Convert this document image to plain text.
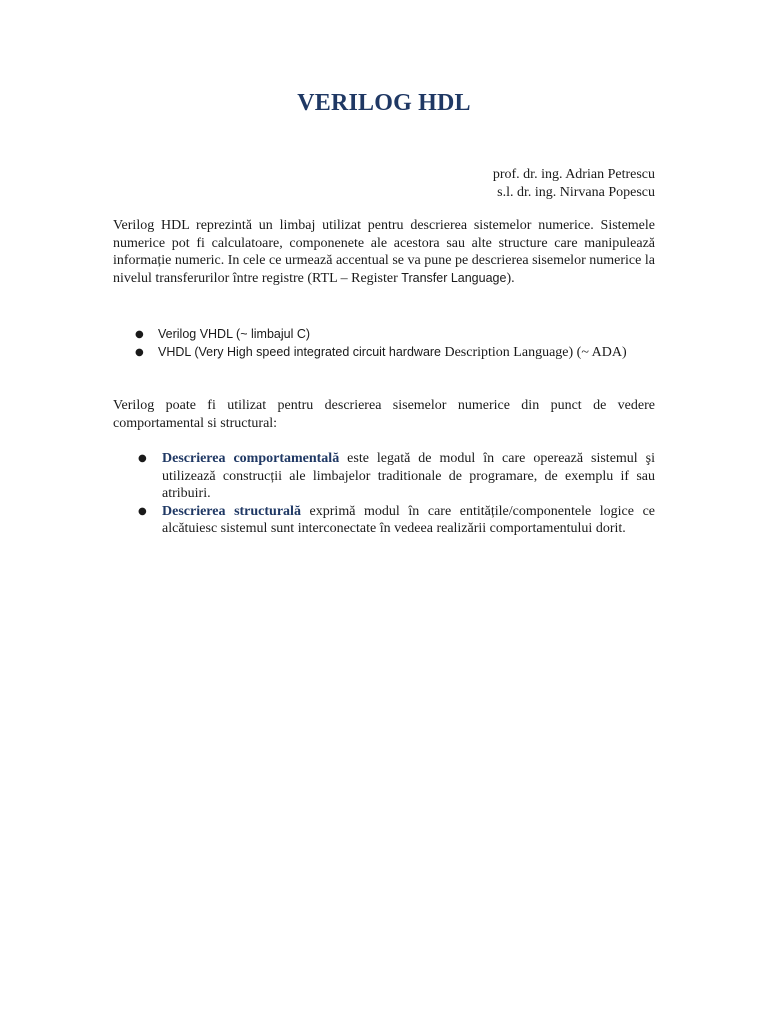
VERILOG HDL
prof. dr. ing. Adrian Petrescu
s.l. dr. ing. Nirvana Popescu
Verilog HDL reprezintă un limbaj utilizat pentru descrierea sistemelor numerice. Sistemele numerice pot fi calculatoare, componenete ale acestora sau alte structure care manipulează informație numeric. In cele ce urmează accentual se va pune pe descrierea sisemelor numerice la nivelul transferurilor între registre (RTL – Register Transfer Language).
● Verilog VHDL (~ limbajul C)
● VHDL (Very High speed integrated circuit hardware Description Language) (~ ADA)
Verilog poate fi utilizat pentru descrierea sisemelor numerice din punct de vedere comportamental si structural:
● Descrierea comportamentală este legată de modul în care operează sistemul şi utilizează construcții ale limbajelor traditionale de programare, de exemplu if sau atribuiri.
● Descrierea structurală exprimă modul în care entitățile/componentele logice ce alcătuiesc sistemul sunt interconectate în vedeea realizării comportamentului dorit.
